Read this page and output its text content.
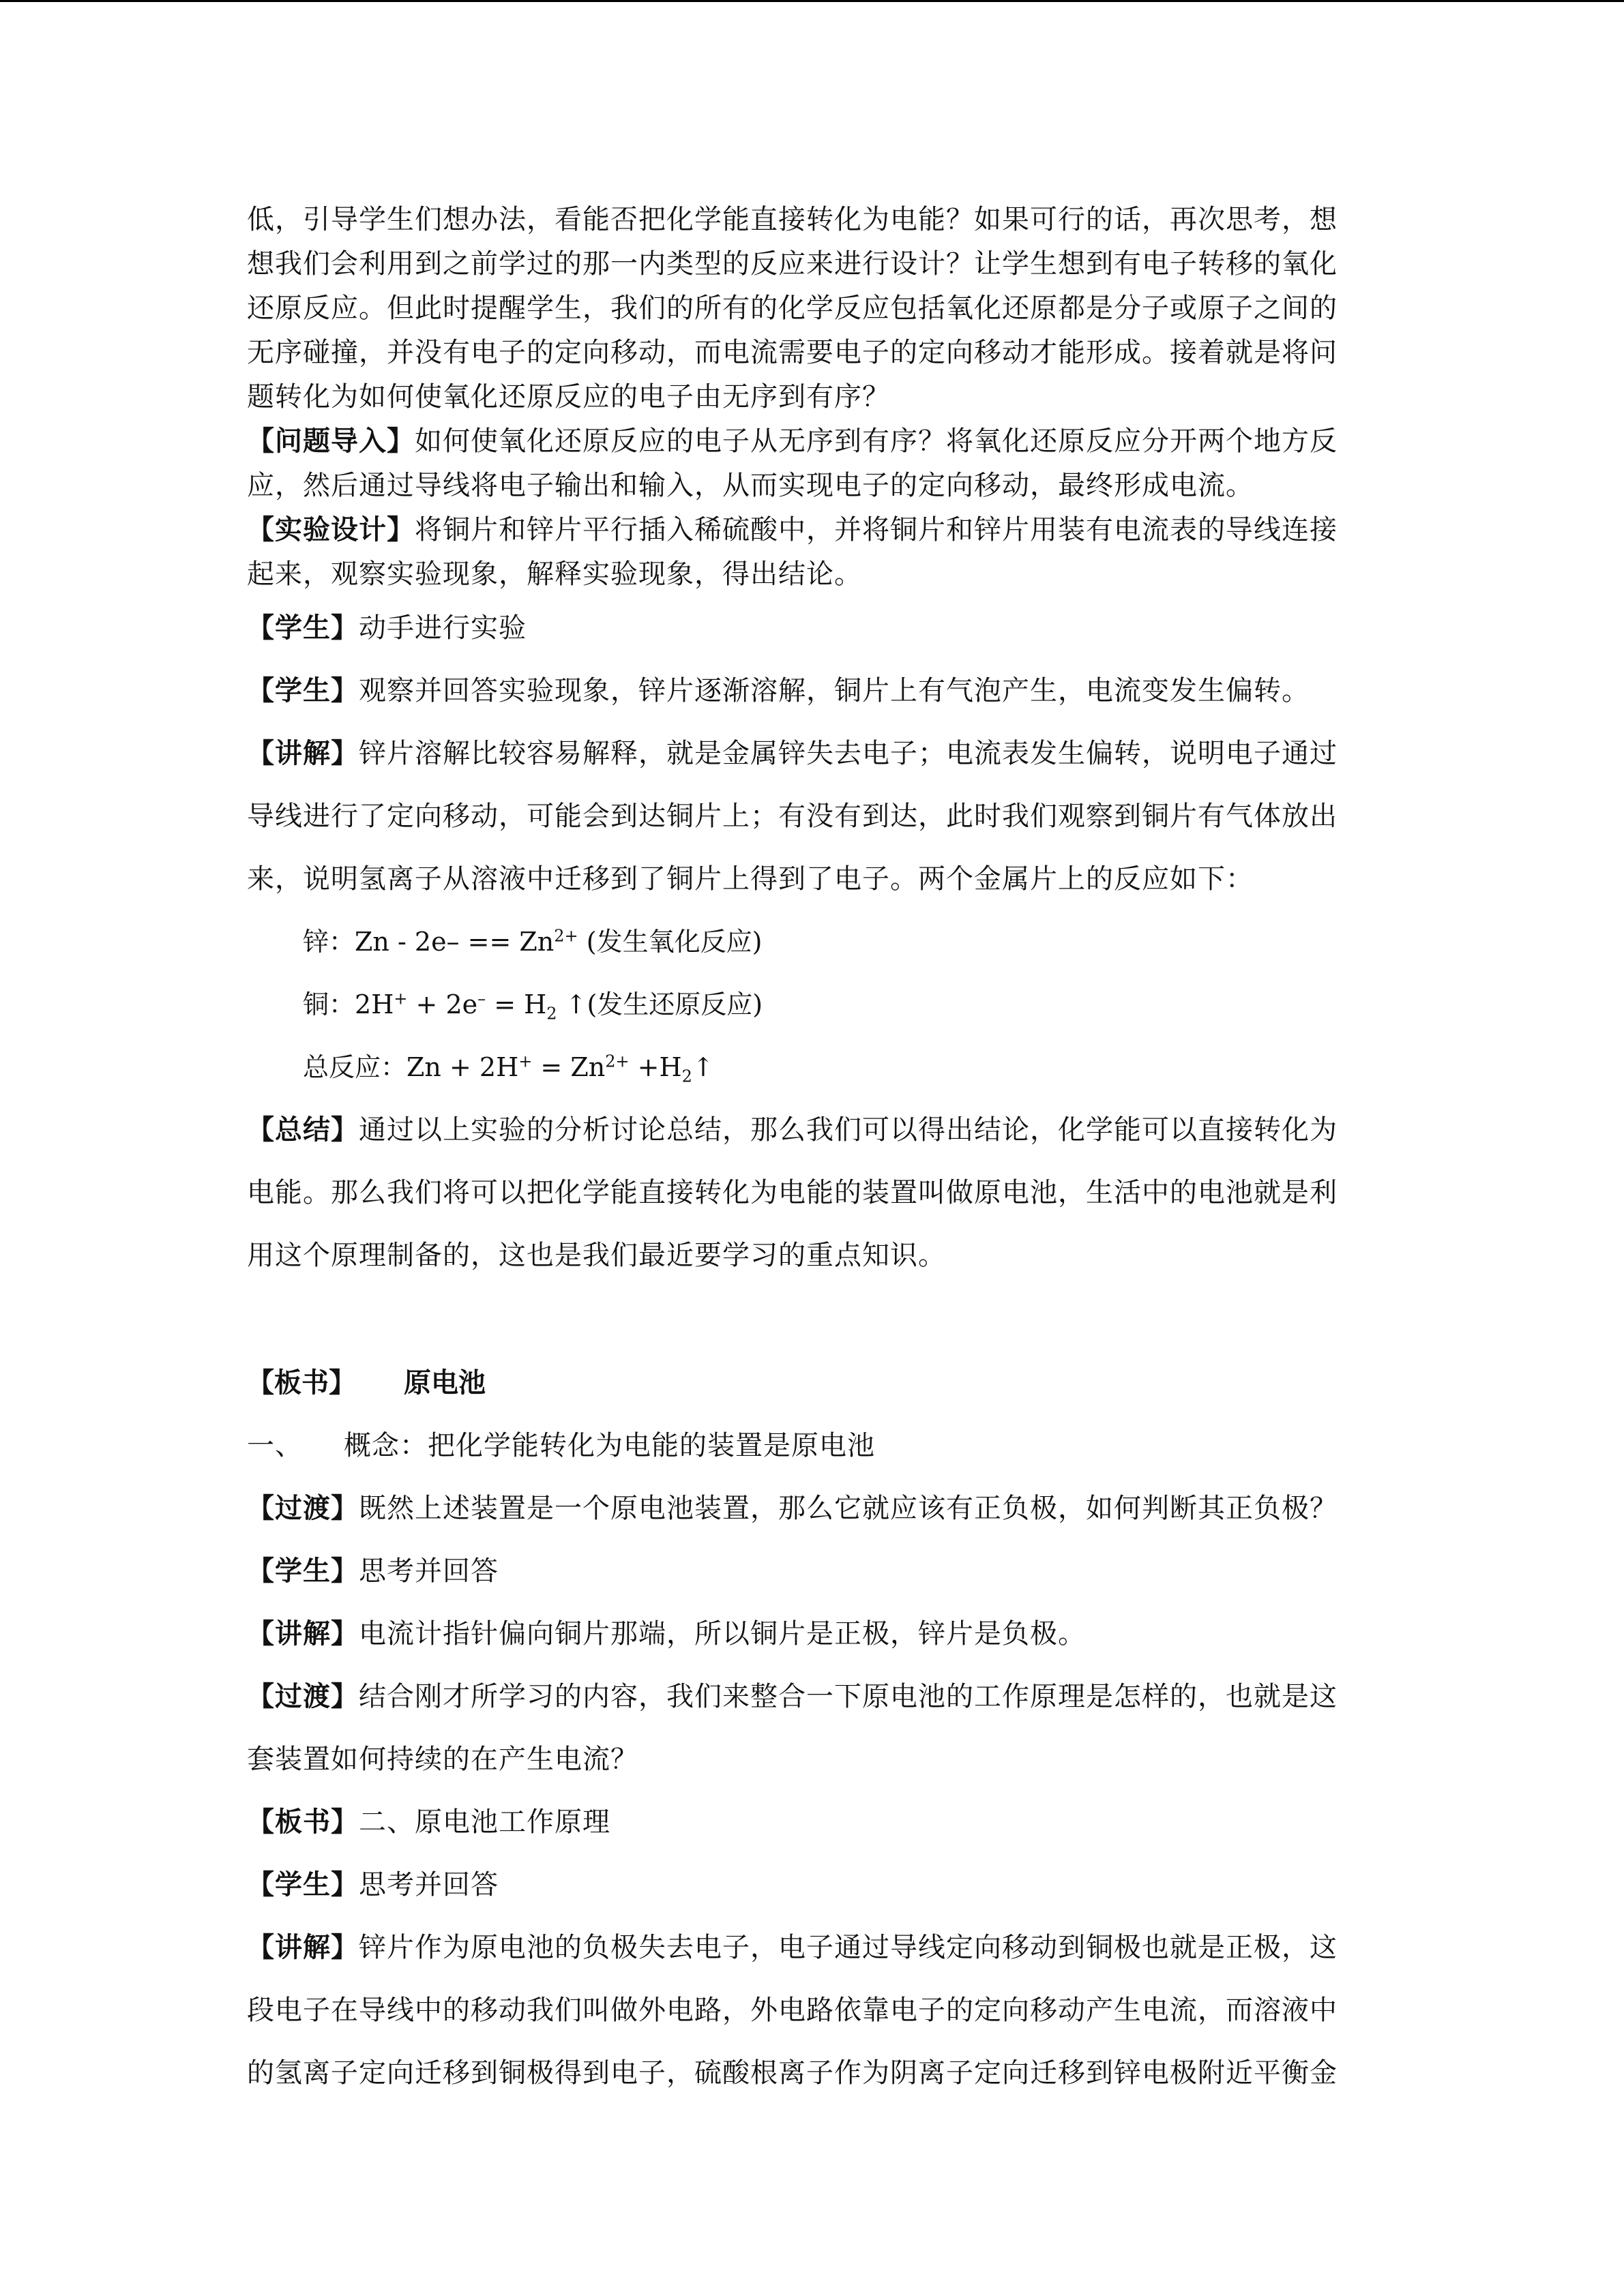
低，引导学生们想办法，看能否把化学能直接转化为电能？如果可行的话，再次思考，想
想我们会利用到之前学过的那一内类型的反应来进行设计？让学生想到有电子转移的氧化
还原反应。但此时提醒学生，我们的所有的化学反应包括氧化还原都是分子或原子之间的
无序碰撞，并没有电子的定向移动，而电流需要电子的定向移动才能形成。接着就是将问
题转化为如何使氧化还原反应的电子由无序到有序？

【问题导入】如何使氧化还原反应的电子从无序到有序？将氧化还原反应分开两个地方反
应，然后通过导线将电子输出和输入，从而实现电子的定向移动，最终形成电流。

【实验设计】将铜片和锌片平行插入稀硫酸中，并将铜片和锌片用装有电流表的导线连接
起来，观察实验现象，解释实验现象，得出结论。

【学生】动手进行实验

【学生】观察并回答实验现象，锌片逐渐溶解，铜片上有气泡产生，电流变发生偏转。

【讲解】锌片溶解比较容易解释，就是金属锌失去电子；电流表发生偏转，说明电子通过
导线进行了定向移动，可能会到达铜片上；有没有到达，此时我们观察到铜片有气体放出
来，说明氢离子从溶液中迁移到了铜片上得到了电子。两个金属片上的反应如下：

锌：$Zn - 2e- == Zn^{2+}$ (发生氧化反应)

铜：$2H^+ + 2e^- = H_2$ ↑(发生还原反应)

总反应：$Zn + 2H^+ = Zn^{2+}$ $+H_2↑$

【总结】通过以上实验的分析讨论总结，那么我们可以得出结论，化学能可以直接转化为
电能。那么我们将可以把化学能直接转化为电能的装置叫做原电池，生活中的电池就是利
用这个原理制备的，这也是我们最近要学习的重点知识。

【板书】 原电池

一、 概念：把化学能转化为电能的装置是原电池

【过渡】既然上述装置是一个原电池装置，那么它就应该有正负极，如何判断其正负极？

【学生】思考并回答

【讲解】电流计指针偏向铜片那端，所以铜片是正极，锌片是负极。

【过渡】结合刚才所学习的内容，我们来整合一下原电池的工作原理是怎样的，也就是这
套装置如何持续的在产生电流？

【板书】二、原电池工作原理

【学生】思考并回答

【讲解】锌片作为原电池的负极失去电子，电子通过导线定向移动到铜极也就是正极，这
段电子在导线中的移动我们叫做外电路，外电路依靠电子的定向移动产生电流，而溶液中
的氢离子定向迁移到铜极得到电子，硫酸根离子作为阴离子定向迁移到锌电极附近平衡金
